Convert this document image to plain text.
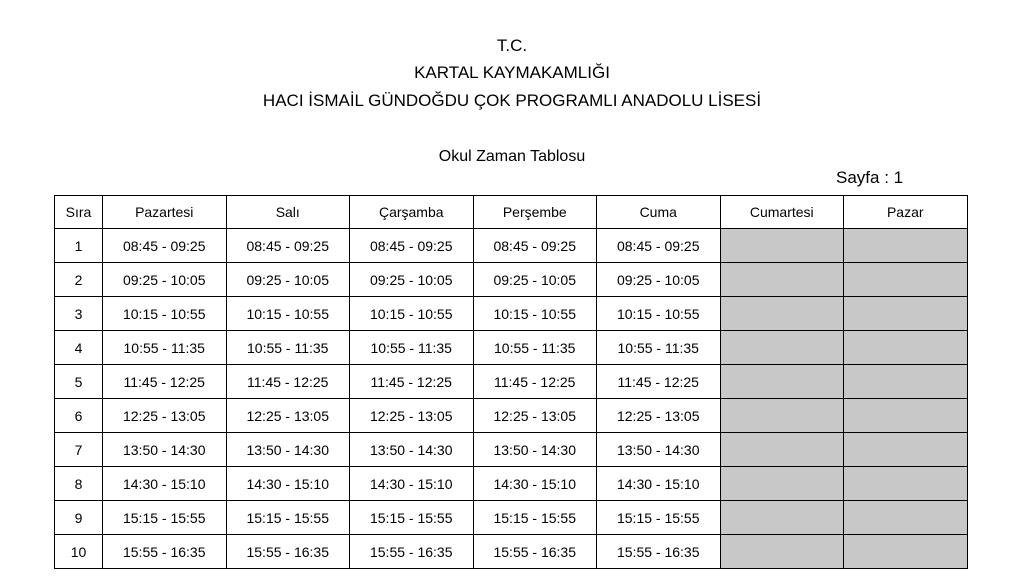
T.C.
KARTAL KAYMAKAMLIĞI
HACI İSMAİL GÜNDOĞDU ÇOK PROGRAMLI ANADOLU LİSESİ
Okul Zaman Tablosu
Sayfa : 1
Sıra	Pazartesi	Salı	Çarşamba	Perşembe	Cuma	Cumartesi	Pazar
1	08:45 - 09:25	08:45 - 09:25	08:45 - 09:25	08:45 - 09:25	08:45 - 09:25		
2	09:25 - 10:05	09:25 - 10:05	09:25 - 10:05	09:25 - 10:05	09:25 - 10:05		
3	10:15 - 10:55	10:15 - 10:55	10:15 - 10:55	10:15 - 10:55	10:15 - 10:55		
4	10:55 - 11:35	10:55 - 11:35	10:55 - 11:35	10:55 - 11:35	10:55 - 11:35		
5	11:45 - 12:25	11:45 - 12:25	11:45 - 12:25	11:45 - 12:25	11:45 - 12:25		
6	12:25 - 13:05	12:25 - 13:05	12:25 - 13:05	12:25 - 13:05	12:25 - 13:05		
7	13:50 - 14:30	13:50 - 14:30	13:50 - 14:30	13:50 - 14:30	13:50 - 14:30		
8	14:30 - 15:10	14:30 - 15:10	14:30 - 15:10	14:30 - 15:10	14:30 - 15:10		
9	15:15 - 15:55	15:15 - 15:55	15:15 - 15:55	15:15 - 15:55	15:15 - 15:55		
10	15:55 - 16:35	15:55 - 16:35	15:55 - 16:35	15:55 - 16:35	15:55 - 16:35		
